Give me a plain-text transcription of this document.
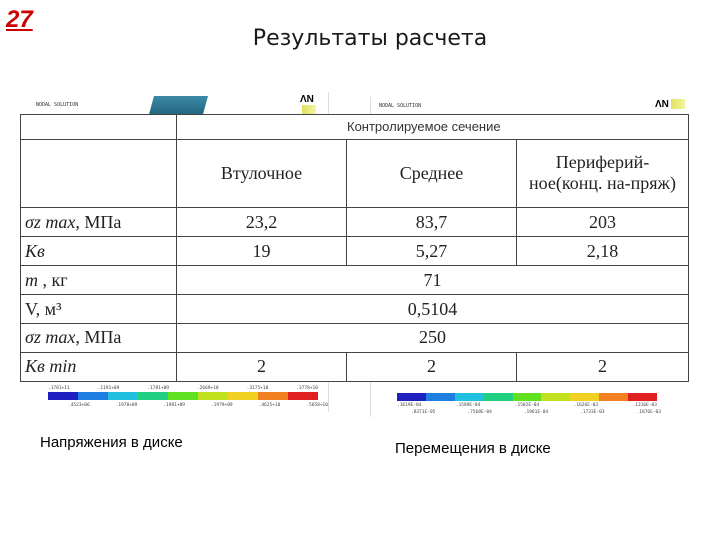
27
Результаты расчета
NODAL SOLUTION	ΛN
.1781+11	.1191+09	.1781+09	.2669+10	.3175+10	.3778+10
.4523+06	.1978+09	.1981+09	.1979+09	.4625+10	.5658+10
NODAL SOLUTION	ΛN
.1619E-04	.1589E-04	.1582E-04	.1626E-03	.1316E-03
.8371E-05	.7568E-04	.1961E-04	.1733E-03	.1876E-03
	Контролируемое сечение		
	Втулочное	Среднее	Периферий-ное(конц. на-пряж)
σz max, МПа	23,2	83,7	203
Kв	19	5,27	2,18
m , кг	71		
V, м³	0,5104		
σz max, МПа	250		
Kв min	2	2	2
Напряжения в диске	Перемещения в диске
